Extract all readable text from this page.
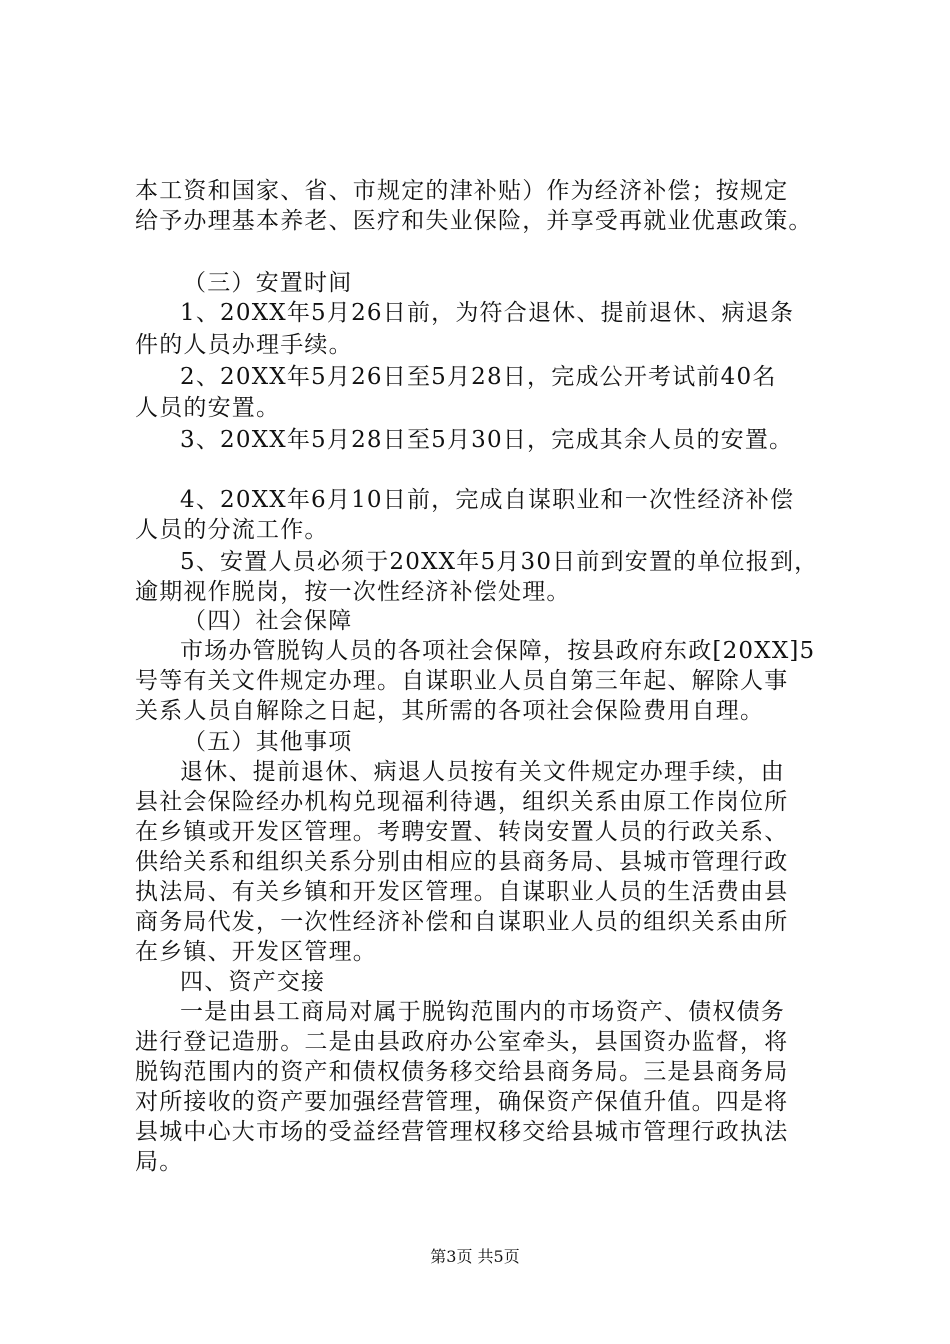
本工资和国家、省、市规定的津补贴）作为经济补偿；按规定
给予办理基本养老、医疗和失业保险，并享受再就业优惠政策。
（三）安置时间
1、20XX年5月26日前，为符合退休、提前退休、病退条
件的人员办理手续。
2、20XX年5月26日至5月28日，完成公开考试前40名
人员的安置。
3、20XX年5月28日至5月30日，完成其余人员的安置。
4、20XX年6月10日前，完成自谋职业和一次性经济补偿
人员的分流工作。
5、安置人员必须于20XX年5月30日前到安置的单位报到，
逾期视作脱岗，按一次性经济补偿处理。
（四）社会保障
市场办管脱钩人员的各项社会保障，按县政府东政[20XX]5
号等有关文件规定办理。自谋职业人员自第三年起、解除人事
关系人员自解除之日起，其所需的各项社会保险费用自理。
（五）其他事项
退休、提前退休、病退人员按有关文件规定办理手续，由
县社会保险经办机构兑现福利待遇，组织关系由原工作岗位所
在乡镇或开发区管理。考聘安置、转岗安置人员的行政关系、
供给关系和组织关系分别由相应的县商务局、县城市管理行政
执法局、有关乡镇和开发区管理。自谋职业人员的生活费由县
商务局代发，一次性经济补偿和自谋职业人员的组织关系由所
在乡镇、开发区管理。
四、资产交接
一是由县工商局对属于脱钩范围内的市场资产、债权债务
进行登记造册。二是由县政府办公室牵头，县国资办监督，将
脱钩范围内的资产和债权债务移交给县商务局。三是县商务局
对所接收的资产要加强经营管理，确保资产保值升值。四是将
县城中心大市场的受益经营管理权移交给县城市管理行政执法
局。
第3页 共5页
